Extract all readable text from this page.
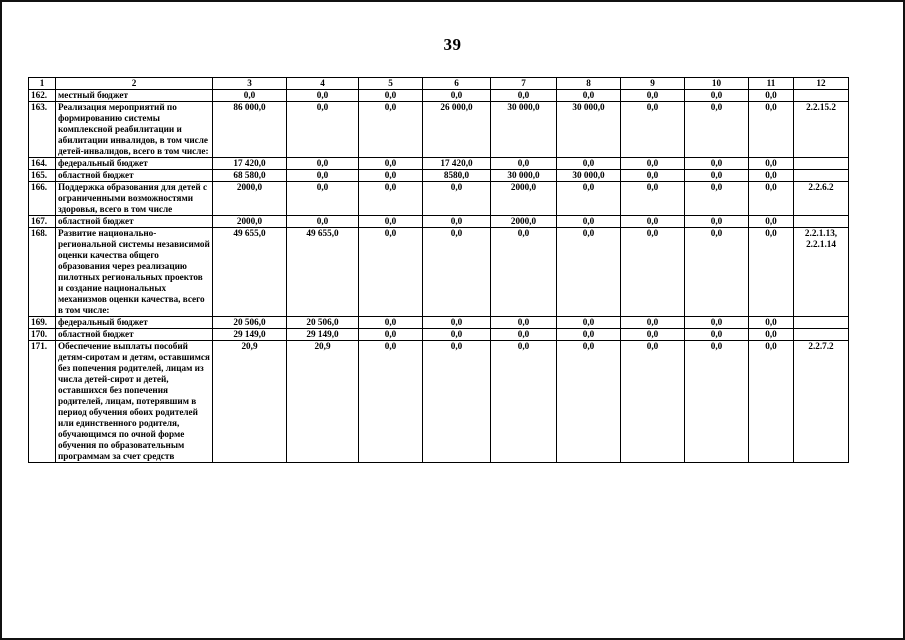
39
1	2	3	4	5	6	7	8	9	10	11	12
162.	местный бюджет	0,0	0,0	0,0	0,0	0,0	0,0	0,0	0,0	0,0	
163.	Реализация мероприятий по формированию системы комплексной реабилитации и абилитации инвалидов, в том числе детей-инвалидов, всего в том числе:	86 000,0	0,0	0,0	26 000,0	30 000,0	30 000,0	0,0	0,0	0,0	2.2.15.2
164.	федеральный бюджет	17 420,0	0,0	0,0	17 420,0	0,0	0,0	0,0	0,0	0,0	
165.	областной бюджет	68 580,0	0,0	0,0	8580,0	30 000,0	30 000,0	0,0	0,0	0,0	
166.	Поддержка образования для детей с ограниченными возможностями здоровья, всего в том числе	2000,0	0,0	0,0	0,0	2000,0	0,0	0,0	0,0	0,0	2.2.6.2
167.	областной бюджет	2000,0	0,0	0,0	0,0	2000,0	0,0	0,0	0,0	0,0	
168.	Развитие национально-региональной системы независимой оценки качества общего образования через реализацию пилотных региональных проектов и создание национальных механизмов оценки качества, всего в том числе:	49 655,0	49 655,0	0,0	0,0	0,0	0,0	0,0	0,0	0,0	2.2.1.13, 2.2.1.14
169.	федеральный бюджет	20 506,0	20 506,0	0,0	0,0	0,0	0,0	0,0	0,0	0,0	
170.	областной бюджет	29 149,0	29 149,0	0,0	0,0	0,0	0,0	0,0	0,0	0,0	
171.	Обеспечение выплаты пособий детям-сиротам и детям, оставшимся без попечения родителей, лицам из числа детей-сирот и детей, оставшихся без попечения родителей, лицам, потерявшим в период обучения обоих родителей или единственного родителя, обучающимся по очной форме обучения по образовательным программам за счет средств	20,9	20,9	0,0	0,0	0,0	0,0	0,0	0,0	0,0	2.2.7.2
